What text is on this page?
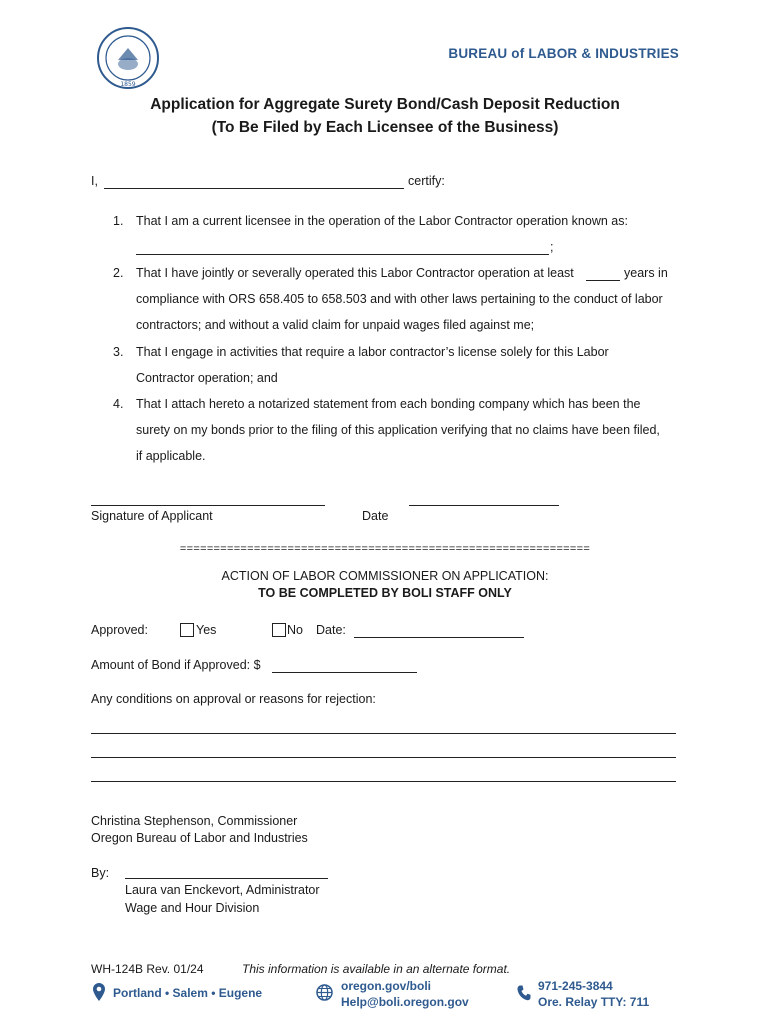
1859
BUREAU of LABOR & INDUSTRIES
Application for Aggregate Surety Bond/Cash Deposit Reduction
(To Be Filed by Each Licensee of the Business)
I,	certify:
1. That I am a current licensee in the operation of the Labor Contractor operation known as:
;
2. That I have jointly or severally operated this Labor Contractor operation at least	years in
compliance with ORS 658.405 to 658.503 and with other laws pertaining to the conduct of labor
contractors; and without a valid claim for unpaid wages filed against me;
3. That I engage in activities that require a labor contractor’s license solely for this Labor
Contractor operation; and
4. That I attach hereto a notarized statement from each bonding company which has been the
surety on my bonds prior to the filing of this application verifying that no claims have been filed,
if applicable.
Signature of Applicant	Date
=============================================================
ACTION OF LABOR COMMISSIONER ON APPLICATION:
TO BE COMPLETED BY BOLI STAFF ONLY
Approved:	Yes	No Date:
Amount of Bond if Approved: $
Any conditions on approval or reasons for rejection:
Christina Stephenson, Commissioner
Oregon Bureau of Labor and Industries
By:
Laura van Enckevort, Administrator
Wage and Hour Division
WH-124B Rev. 01/24	This information is available in an alternate format.
Portland • Salem • Eugene	oregon.gov/boli
Help@boli.oregon.gov
971-245-3844
Ore. Relay TTY: 711
